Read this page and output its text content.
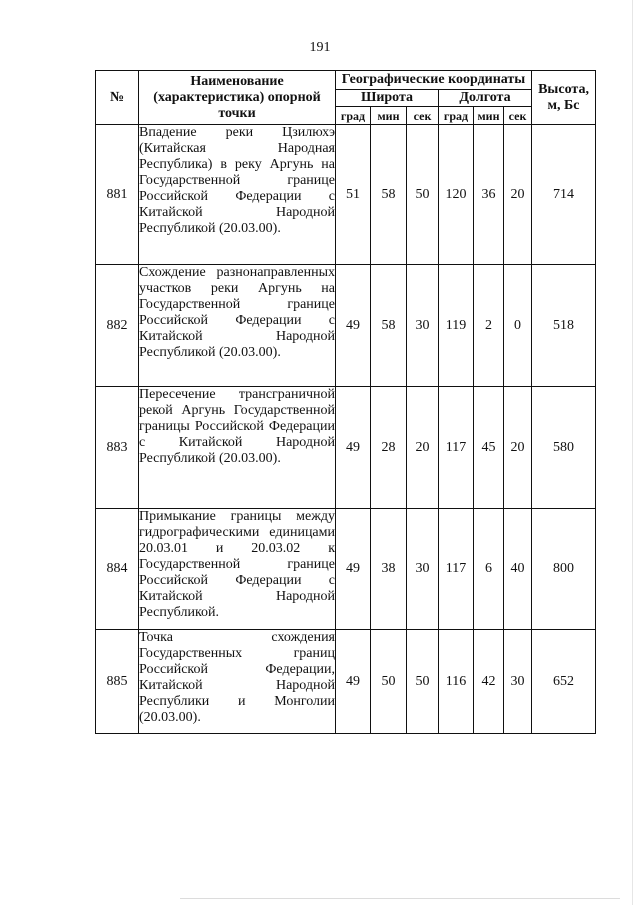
191
№	Наименование (характеристика) опорной точки	Географические координаты						Высота, м, Бс
		Широта			Долгота			
		град	мин	сек	град	мин	сек	
881	Впадение реки Цзилюхэ (Китайская Народная Республика) в реку Аргунь на Государственной границе Российской Федерации с Китайской Народной Республикой (20.03.00).	51	58	50	120	36	20	714
882	Схождение разнонаправленных участков реки Аргунь на Государственной границе Российской Федерации с Китайской Народной Республикой (20.03.00).	49	58	30	119	2	0	518
883	Пересечение трансграничной рекой Аргунь Государственной границы Российской Федерации с Китайской Народной Республикой (20.03.00).	49	28	20	117	45	20	580
884	Примыкание границы между гидрографическими единицами 20.03.01 и 20.03.02 к Государственной границе Российской Федерации с Китайской Народной Республикой.	49	38	30	117	6	40	800
885	Точка схождения Государственных границ Российской Федерации, Китайской Народной Республики и Монголии (20.03.00).	49	50	50	116	42	30	652
